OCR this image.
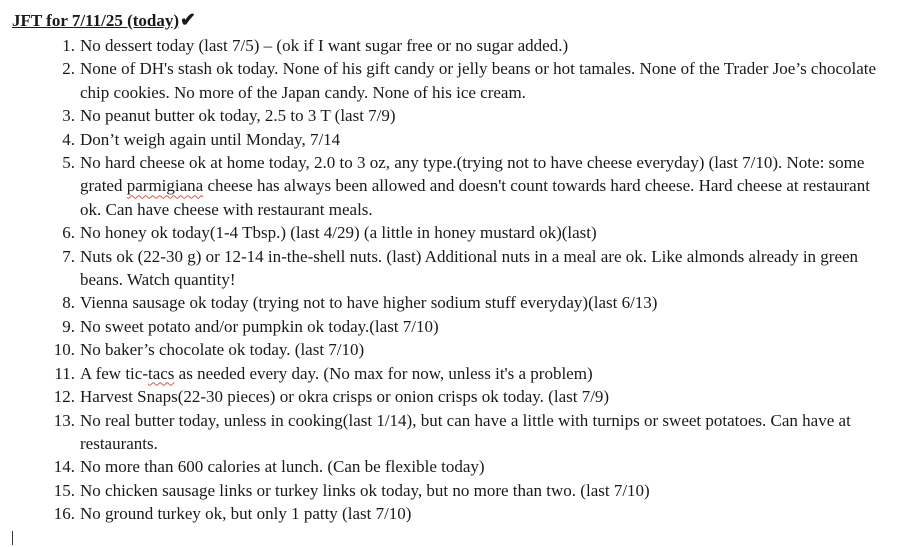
JFT for 7/11/25 (today)✔
1. No dessert today (last 7/5) – (ok if I want sugar free or no sugar added.)
2. None of DH's stash ok today. None of his gift candy or jelly beans or hot tamales. None of the Trader Joe’s chocolate chip cookies. No more of the Japan candy. None of his ice cream.
3. No peanut butter ok today, 2.5 to 3 T (last 7/9)
4. Don’t weigh again until Monday, 7/14
5. No hard cheese ok at home today, 2.0 to 3 oz, any type.(trying not to have cheese everyday) (last 7/10). Note: some grated parmigiana cheese has always been allowed and doesn't count towards hard cheese. Hard cheese at restaurant ok. Can have cheese with restaurant meals.
6. No honey ok today(1-4 Tbsp.) (last 4/29) (a little in honey mustard ok)(last)
7. Nuts ok (22-30 g) or 12-14 in-the-shell nuts. (last) Additional nuts in a meal are ok. Like almonds already in green beans. Watch quantity!
8. Vienna sausage ok today (trying not to have higher sodium stuff everyday)(last 6/13)
9. No sweet potato and/or pumpkin ok today.(last 7/10)
10. No baker’s chocolate ok today. (last 7/10)
11. A few tic-tacs as needed every day. (No max for now, unless it's a problem)
12. Harvest Snaps(22-30 pieces) or okra crisps or onion crisps ok today. (last 7/9)
13. No real butter today, unless in cooking(last 1/14), but can have a little with turnips or sweet potatoes. Can have at restaurants.
14. No more than 600 calories at lunch. (Can be flexible today)
15. No chicken sausage links or turkey links ok today, but no more than two. (last 7/10)
16. No ground turkey ok, but only 1 patty (last 7/10)
